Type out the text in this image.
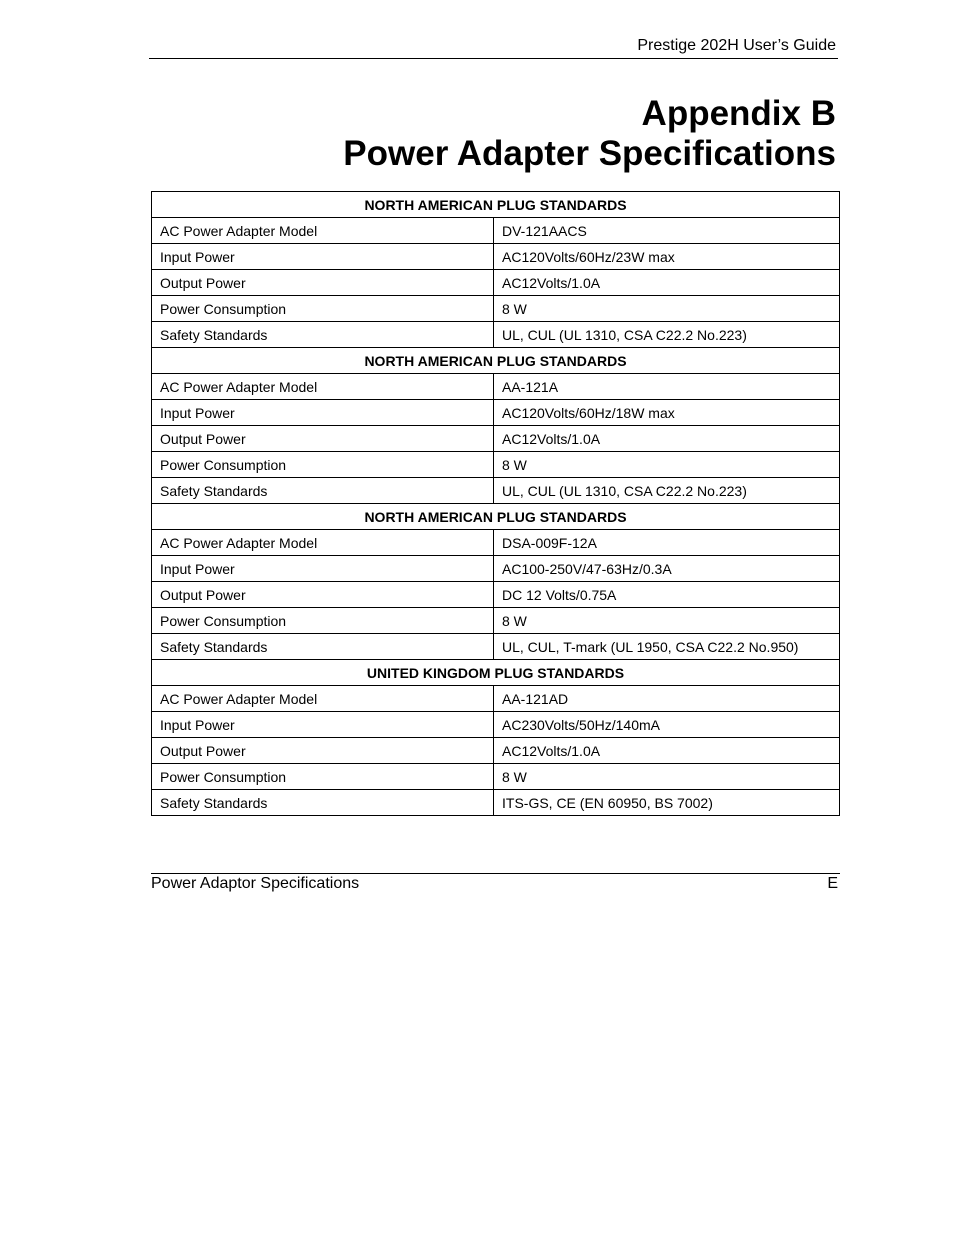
Prestige 202H User’s Guide
Appendix B
Power Adapter Specifications
NORTH AMERICAN PLUG STANDARDS	
AC Power Adapter Model	DV-121AACS
Input Power	AC120Volts/60Hz/23W max
Output Power	AC12Volts/1.0A
Power Consumption	8 W
Safety Standards	UL, CUL (UL 1310, CSA C22.2 No.223)
NORTH AMERICAN PLUG STANDARDS	
AC Power Adapter Model	AA-121A
Input Power	AC120Volts/60Hz/18W max
Output Power	AC12Volts/1.0A
Power Consumption	8 W
Safety Standards	UL, CUL (UL 1310, CSA C22.2 No.223)
NORTH AMERICAN PLUG STANDARDS	
AC Power Adapter Model	DSA-009F-12A
Input Power	AC100-250V/47-63Hz/0.3A
Output Power	DC 12 Volts/0.75A
Power Consumption	8 W
Safety Standards	UL, CUL, T-mark (UL 1950, CSA C22.2 No.950)
UNITED KINGDOM PLUG STANDARDS	
AC Power Adapter Model	AA-121AD
Input Power	AC230Volts/50Hz/140mA
Output Power	AC12Volts/1.0A
Power Consumption	8 W
Safety Standards	ITS-GS, CE (EN 60950, BS 7002)
Power Adaptor Specifications	E
